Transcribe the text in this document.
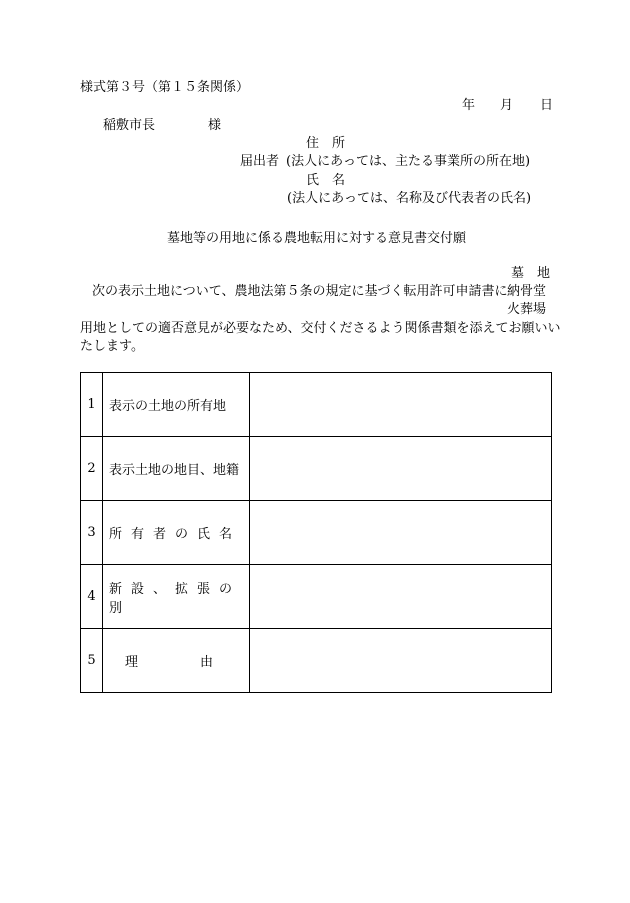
様式第３号（第１５条関係）
年 月 日
稲敷市長	様
住　所
届出者 (法人にあっては、主たる事業所の所在地)
氏　名
(法人にあっては、名称及び代表者の氏名)
墓地等の用地に係る農地転用に対する意見書交付願
墓　地
次の表示土地について、農地法第５条の規定に基づく転用許可申請書に 納骨堂
火葬場
用地としての適否意見が必要なため、交付くださるよう関係書類を添えてお願いい
たします。
1	表示の土地の所有地	
2	表示土地の地目、地籍	
3	所有者の氏名	
4	新設、拡張の別	
5	理　　　　由	
